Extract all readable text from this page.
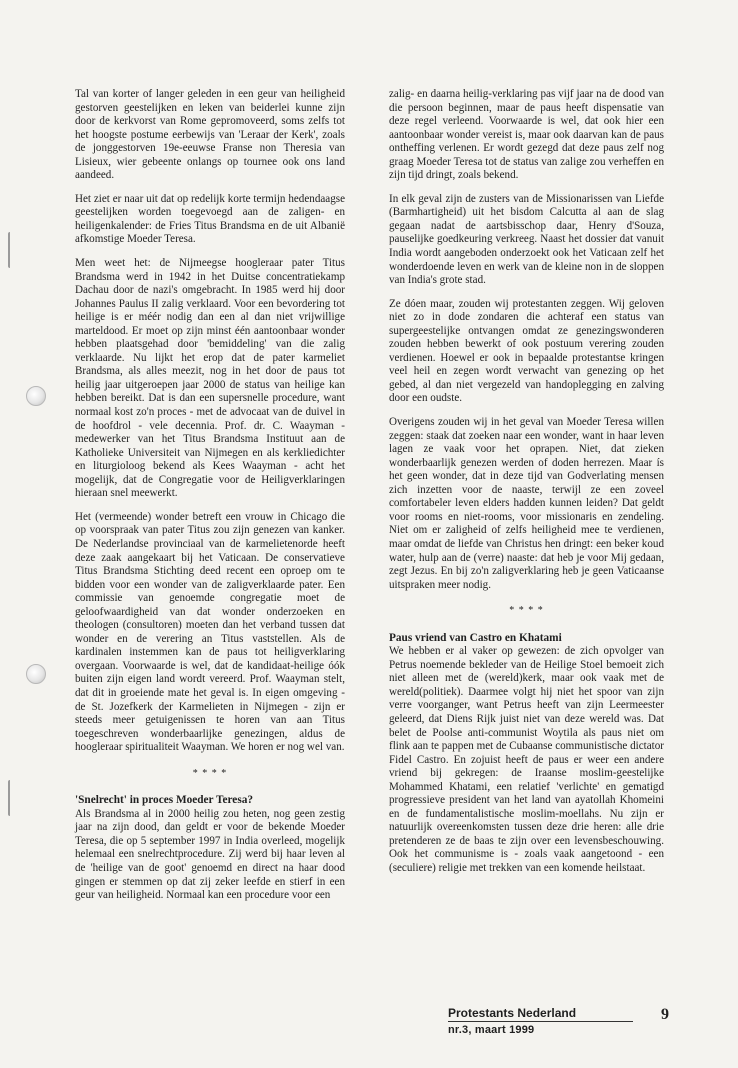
Tal van korter of langer geleden in een geur van heiligheid gestorven geestelijken en leken van beiderlei kunne zijn door de kerkvorst van Rome gepromoveerd, soms zelfs tot het hoogste postume eerbewijs van 'Leraar der Kerk', zoals de jonggestorven 19e-eeuwse Franse non Theresia van Lisieux, wier gebeente onlangs op tournee ook ons land aandeed.

Het ziet er naar uit dat op redelijk korte termijn hedendaagse geestelijken worden toegevoegd aan de zaligen- en heiligenkalender: de Fries Titus Brandsma en de uit Albanië afkomstige Moeder Teresa.

Men weet het: de Nijmeegse hoogleraar pater Titus Brandsma werd in 1942 in het Duitse concentratiekamp Dachau door de nazi's omgebracht. In 1985 werd hij door Johannes Paulus II zalig verklaard. Voor een bevordering tot heilige is er méér nodig dan een al dan niet vrijwillige marteldood. Er moet op zijn minst één aantoonbaar wonder hebben plaatsgehad door 'bemiddeling' van die zalig verklaarde. Nu lijkt het erop dat de pater karmeliet Brandsma, als alles meezit, nog in het door de paus tot heilig jaar uitgeroepen jaar 2000 de status van heilige kan hebben bereikt. Dat is dan een supersnelle procedure, want normaal kost zo'n proces - met de advocaat van de duivel in de hoofdrol - vele decennia. Prof. dr. C. Waayman - medewerker van het Titus Brandsma Instituut aan de Katholieke Universiteit van Nijmegen en als kerkliedichter en liturgioloog bekend als Kees Waayman - acht het mogelijk, dat de Congregatie voor de Heiligverklaringen hieraan snel meewerkt.

Het (vermeende) wonder betreft een vrouw in Chicago die op voorspraak van pater Titus zou zijn genezen van kanker. De Nederlandse provinciaal van de karmelietenorde heeft deze zaak aangekaart bij het Vaticaan. De conservatieve Titus Brandsma Stichting deed recent een oproep om te bidden voor een wonder van de zaligverklaarde pater. Een commissie van genoemde congregatie moet de geloofwaardigheid van dat wonder onderzoeken en theologen (consultoren) moeten dan het verband tussen dat wonder en de verering an Titus vaststellen. Als de kardinalen instemmen kan de paus tot heiligverklaring overgaan. Voorwaarde is wel, dat de kandidaat-heilige óók buiten zijn eigen land wordt vereerd. Prof. Waayman stelt, dat dit in groeiende mate het geval is. In eigen omgeving - de St. Jozefkerk der Karmelieten in Nijmegen - zijn er steeds meer getuigenissen te horen van aan Titus toegeschreven wonderbaarlijke genezingen, aldus de hoogleraar spiritualiteit Waayman. We horen er nog wel van.

* * * *
'Snelrecht' in proces Moeder Teresa?

Als Brandsma al in 2000 heilig zou heten, nog geen zestig jaar na zijn dood, dan geldt er voor de bekende Moeder Teresa, die op 5 september 1997 in India overleed, mogelijk helemaal een snelrechtprocedure. Zij werd bij haar leven al de 'heilige van de goot' genoemd en direct na haar dood gingen er stemmen op dat zij zeker leefde en stierf in een geur van heiligheid. Normaal kan een procedure voor een

zalig- en daarna heilig-verklaring pas vijf jaar na de dood van die persoon beginnen, maar de paus heeft dispensatie van deze regel verleend. Voorwaarde is wel, dat ook hier een aantoonbaar wonder vereist is, maar ook daarvan kan de paus ontheffing verlenen. Er wordt gezegd dat deze paus zelf nog graag Moeder Teresa tot de status van zalige zou verheffen en zijn tijd dringt, zoals bekend.

In elk geval zijn de zusters van de Missionarissen van Liefde (Barmhartigheid) uit het bisdom Calcutta al aan de slag gegaan nadat de aartsbisschop daar, Henry d'Souza, pauselijke goedkeuring verkreeg. Naast het dossier dat vanuit India wordt aangeboden onderzoekt ook het Vaticaan zelf het wonderdoende leven en werk van de kleine non in de sloppen van India's grote stad.

Ze dóen maar, zouden wij protestanten zeggen. Wij geloven niet zo in dode zondaren die achteraf een status van supergeestelijke ontvangen omdat ze genezingswonderen zouden hebben bewerkt of ook postuum verering zouden verdienen. Hoewel er ook in bepaalde protestantse kringen veel heil en zegen wordt verwacht van genezing op het gebed, al dan niet vergezeld van handoplegging en zalving door een oudste.

Overigens zouden wij in het geval van Moeder Teresa willen zeggen: staak dat zoeken naar een wonder, want in haar leven lagen ze vaak voor het oprapen. Niet, dat zieken wonderbaarlijk genezen werden of doden herrezen. Maar ís het geen wonder, dat in deze tijd van Godverlating mensen zich inzetten voor de naaste, terwijl ze een zoveel comfortabeler leven elders hadden kunnen leiden? Dat geldt voor rooms en niet-rooms, voor missionaris en zendeling. Niet om er zaligheid of zelfs heiligheid mee te verdienen, maar omdat de liefde van Christus hen dringt: een beker koud water, hulp aan de (verre) naaste: dat heb je voor Mij gedaan, zegt Jezus. En bij zo'n zaligverklaring heb je geen Vaticaanse uitspraken meer nodig.

* * * *
Paus vriend van Castro en Khatami

We hebben er al vaker op gewezen: de zich opvolger van Petrus noemende bekleder van de Heilige Stoel bemoeit zich niet alleen met de (wereld)kerk, maar ook vaak met de wereld(politiek). Daarmee volgt hij niet het spoor van zijn verre voorganger, want Petrus heeft van zijn Leermeester geleerd, dat Diens Rijk juist niet van deze wereld was. Dat belet de Poolse anti-communist Woytila als paus niet om flink aan te pappen met de Cubaanse communistische dictator Fidel Castro. En zojuist heeft de paus er weer een andere vriend bij gekregen: de Iraanse moslim-geestelijke Mohammed Khatami, een relatief 'verlichte' en gematigd progressieve president van het land van ayatollah Khomeini en de fundamentalistische moslim-moellahs. Nu zijn er natuurlijk overeenkomsten tussen deze drie heren: alle drie pretenderen ze de baas te zijn over een levensbeschouwing. Ook het communisme is - zoals vaak aangetoond - een (seculiere) religie met trekken van een komende heilstaat.

Protestants Nederland
nr.3, maart 1999
9
